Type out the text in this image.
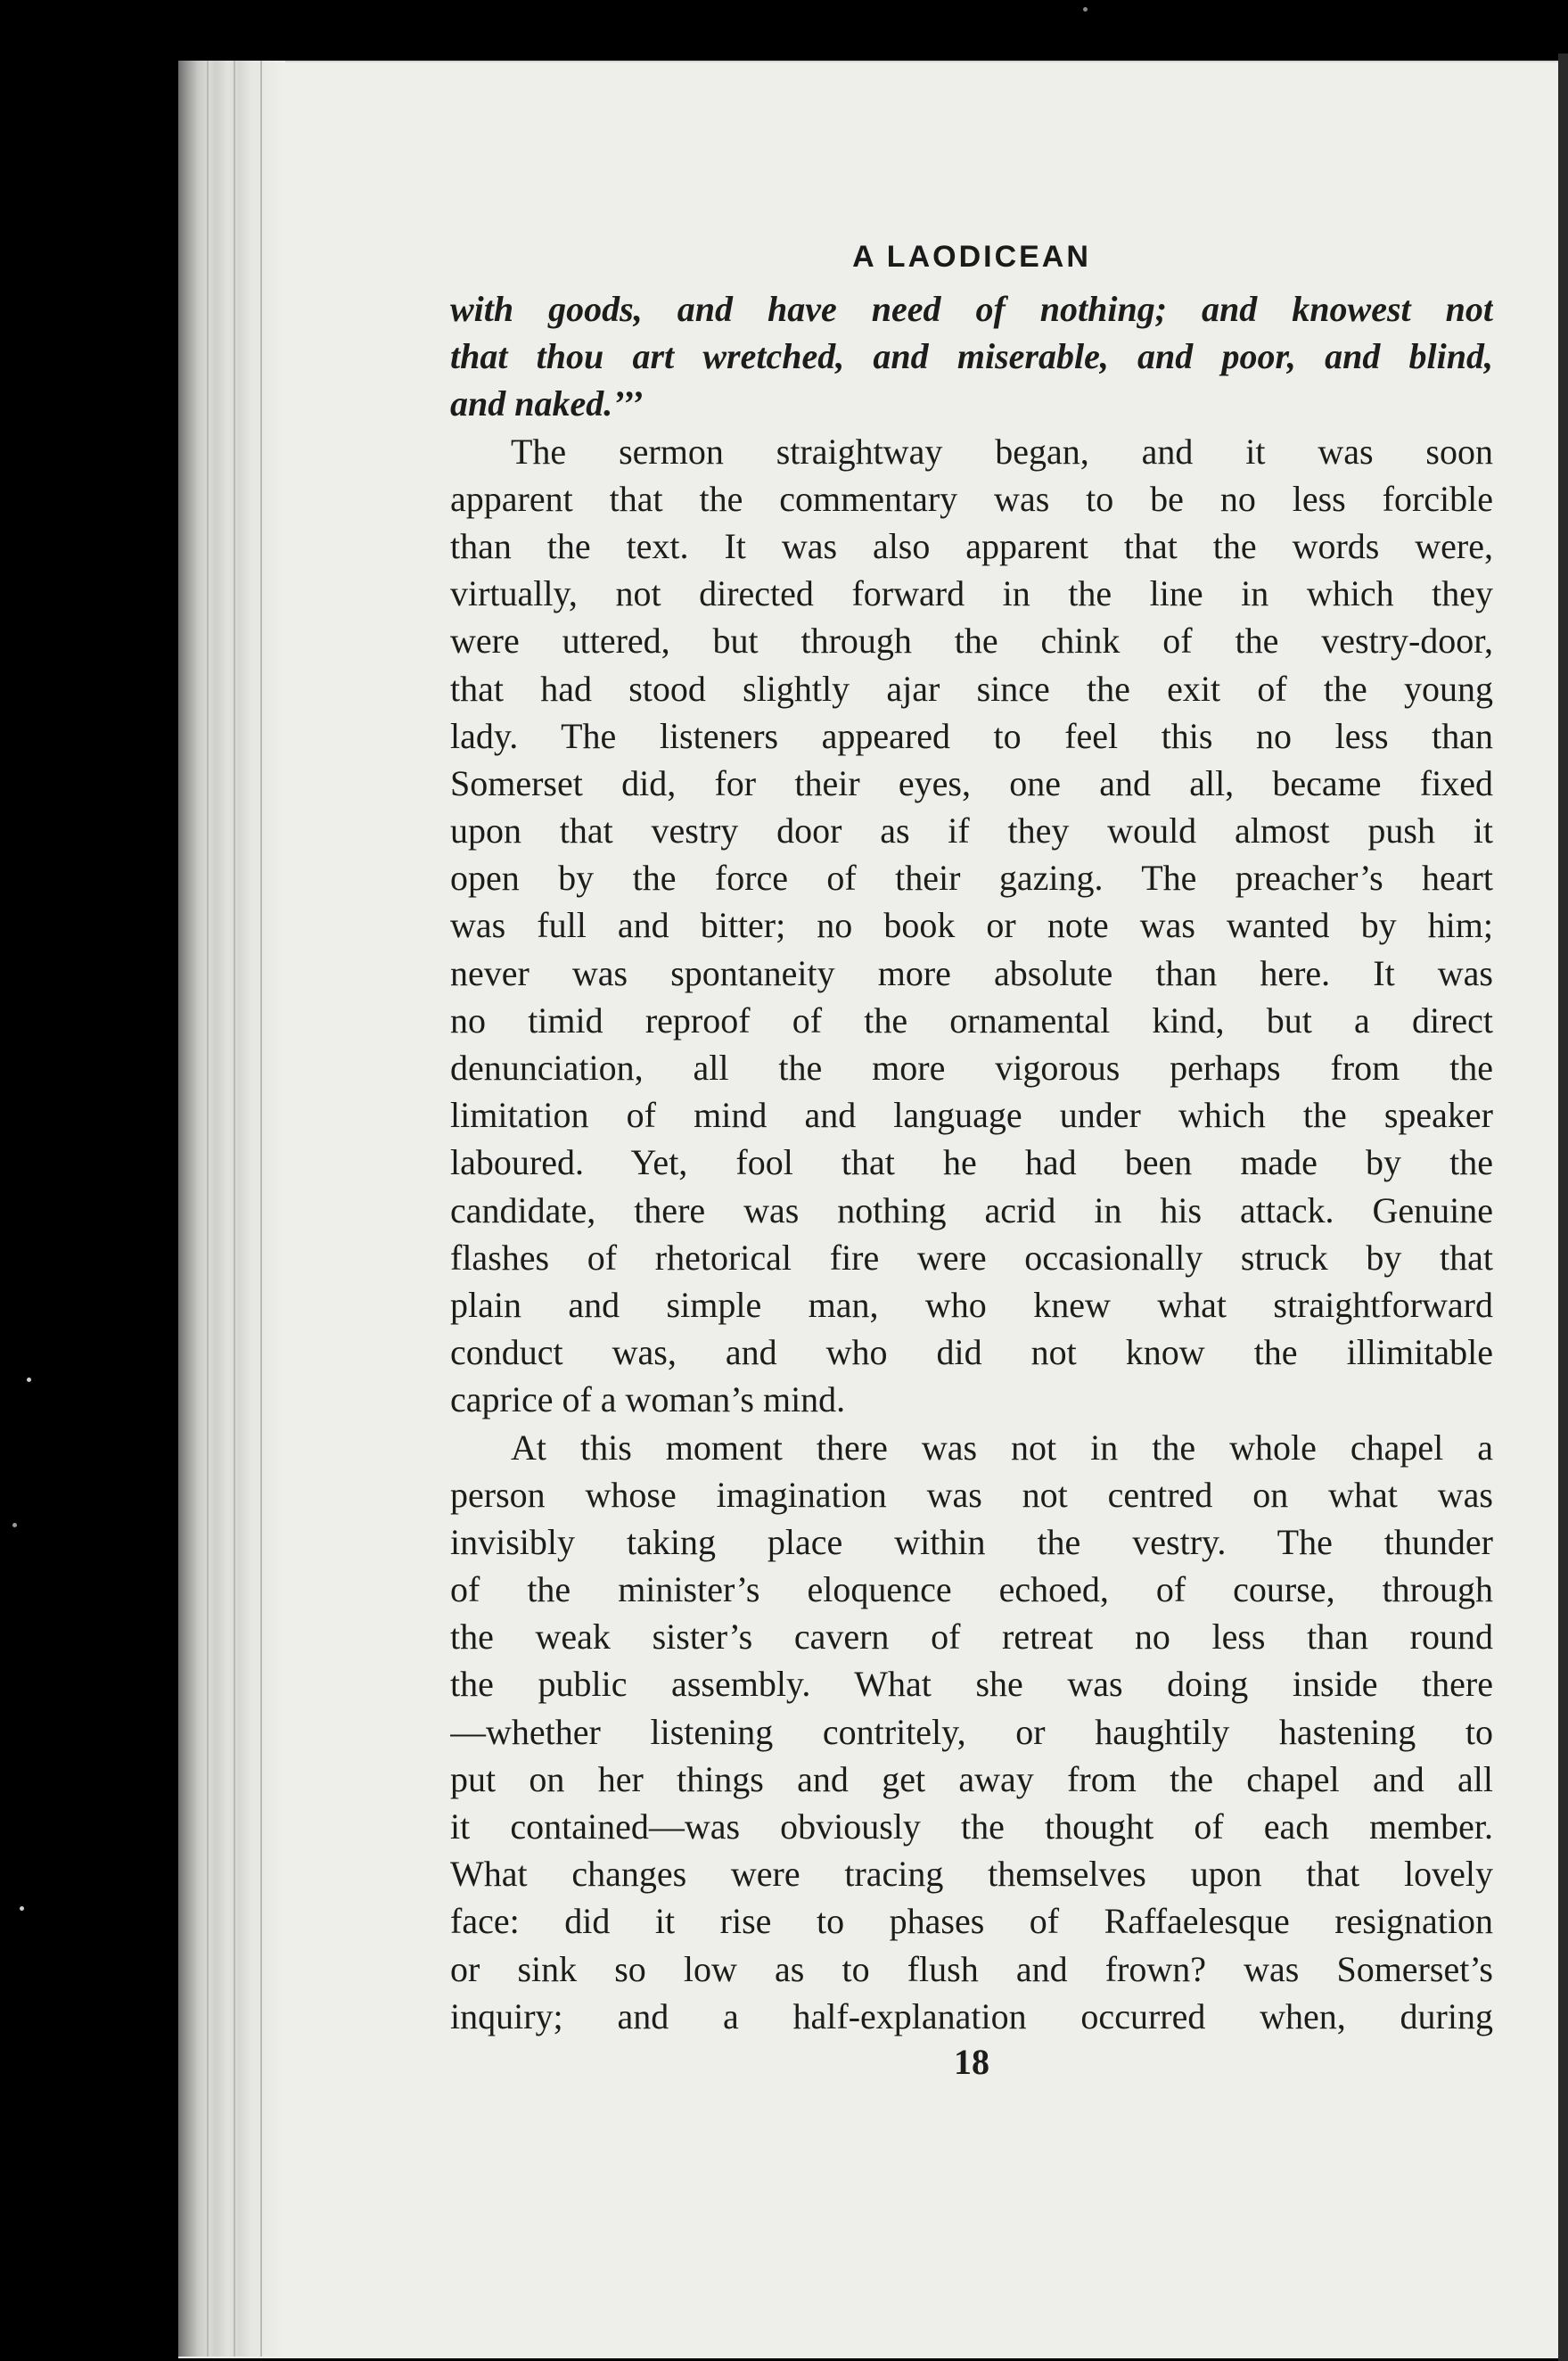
A LAODICEAN
with goods, and have need of nothing; and knowest not
that thou art wretched, and miserable, and poor, and blind,
and naked.’’’
The sermon straightway began, and it was soon
apparent that the commentary was to be no less forcible
than the text. It was also apparent that the words were,
virtually, not directed forward in the line in which they
were uttered, but through the chink of the vestry-door,
that had stood slightly ajar since the exit of the young
lady. The listeners appeared to feel this no less than
Somerset did, for their eyes, one and all, became fixed
upon that vestry door as if they would almost push it
open by the force of their gazing. The preacher’s heart
was full and bitter; no book or note was wanted by him;
never was spontaneity more absolute than here. It was
no timid reproof of the ornamental kind, but a direct
denunciation, all the more vigorous perhaps from the
limitation of mind and language under which the speaker
laboured. Yet, fool that he had been made by the
candidate, there was nothing acrid in his attack. Genuine
flashes of rhetorical fire were occasionally struck by that
plain and simple man, who knew what straightforward
conduct was, and who did not know the illimitable
caprice of a woman’s mind.
At this moment there was not in the whole chapel a
person whose imagination was not centred on what was
invisibly taking place within the vestry. The thunder
of the minister’s eloquence echoed, of course, through
the weak sister’s cavern of retreat no less than round
the public assembly. What she was doing inside there
—whether listening contritely, or haughtily hastening to
put on her things and get away from the chapel and all
it contained—was obviously the thought of each member.
What changes were tracing themselves upon that lovely
face: did it rise to phases of Raffaelesque resignation
or sink so low as to flush and frown? was Somerset’s
inquiry; and a half-explanation occurred when, during
18
